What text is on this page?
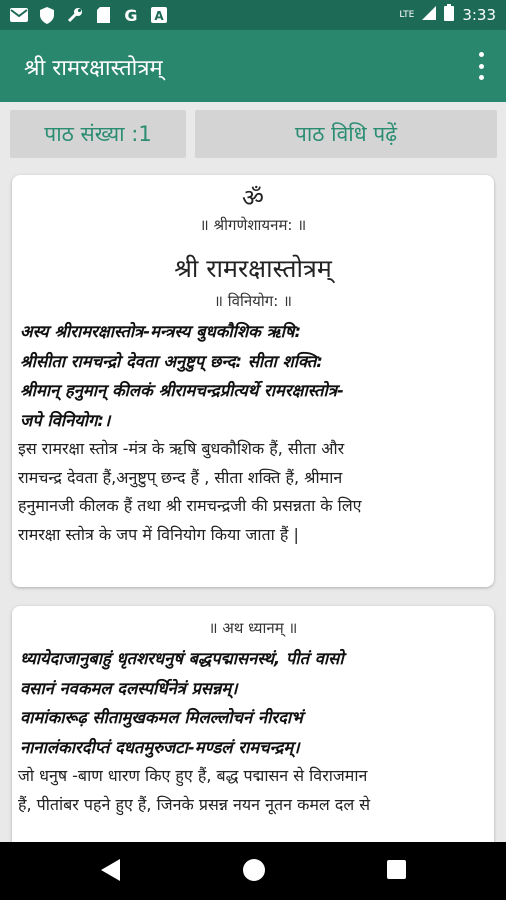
G A	LTE	3:33
श्री रामरक्षास्तोत्रम्
पाठ संख्या :1	पाठ विधि पढ़ें
ॐ
॥ श्रीगणेशायनम: ॥
श्री रामरक्षास्तोत्रम्
॥ विनियोग: ॥
अस्य श्रीरामरक्षास्तोत्र-मन्त्रस्य बुधकौशिक ऋषि:
श्रीसीता रामचन्द्रो देवता अनुष्टुप् छन्द: सीता शक्ति:
श्रीमान् हनुमान् कीलकं श्रीरामचन्द्रप्रीत्यर्थे रामरक्षास्तोत्र-
जपे विनियोग:।
इस रामरक्षा स्तोत्र -मंत्र के ऋषि बुधकौशिक हैं, सीता और
रामचन्द्र देवता हैं,अनुष्टुप् छन्द हैं , सीता शक्ति हैं, श्रीमान
हनुमानजी कीलक हैं तथा श्री रामचन्द्रजी की प्रसन्नता के लिए
रामरक्षा स्तोत्र के जप में विनियोग किया जाता हैं |
॥ अथ ध्यानम् ॥
ध्यायेदाजानुबाहुं धृतशरधनुषं बद्धपद्मासनस्थं, पीतं वासो
वसानं नवकमल दलस्पर्धिनेत्रं प्रसन्नम्।
वामांकारूढ़ सीतामुखकमल मिलल्लोचनं नीरदाभं
नानालंकारदीप्तं दधतमुरुजटा-मण्डलं रामचन्द्रम्।
जो धनुष -बाण धारण किए हुए हैं, बद्ध पद्मासन से विराजमान
हैं, पीतांबर पहने हुए हैं, जिनके प्रसन्न नयन नूतन कमल दल से
